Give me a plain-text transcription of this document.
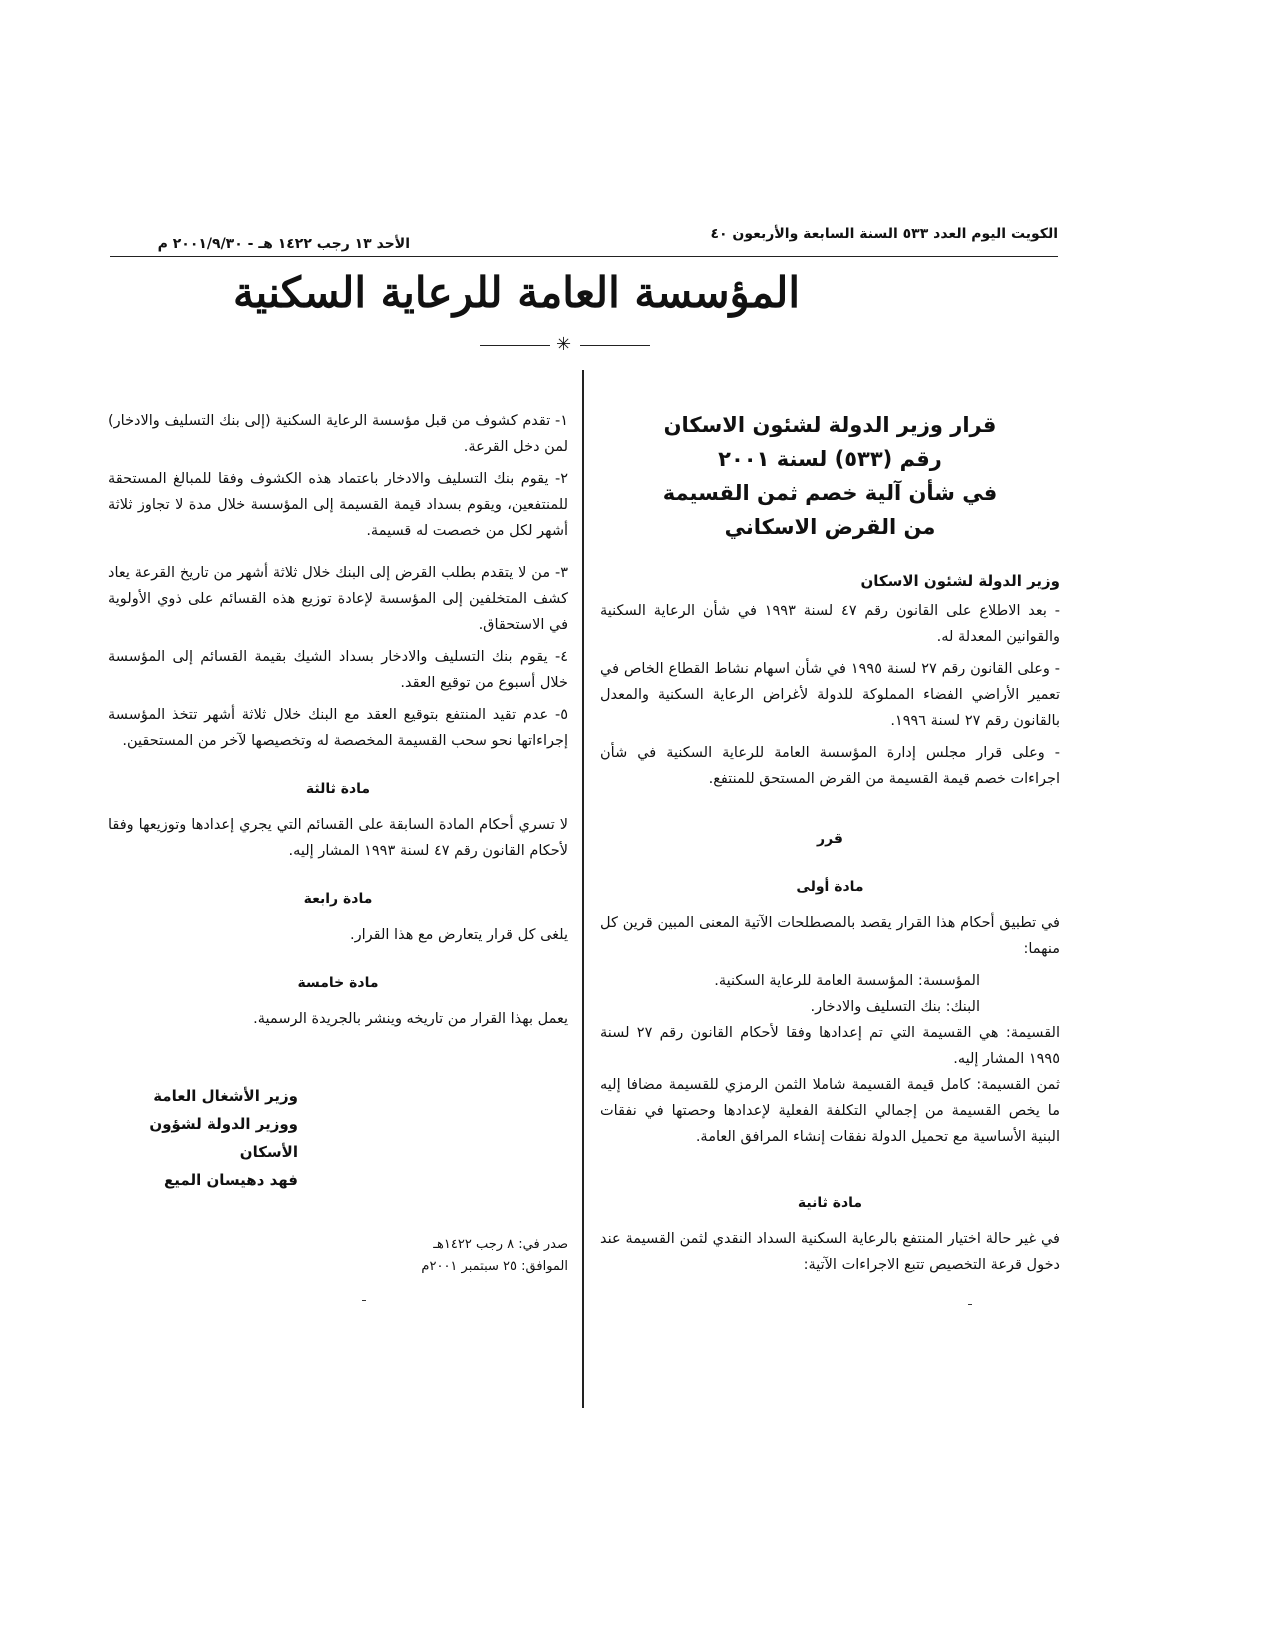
الكويت اليوم العدد ٥٣٣ السنة السابعة والأربعون ٤٠
الأحد ١٣ رجب ١٤٢٢ هـ - ٢٠٠١/٩/٣٠ م
المؤسسة العامة للرعاية السكنية
✳
قرار وزير الدولة لشئون الاسكان
رقم (٥٣٣) لسنة ٢٠٠١
في شأن آلية خصم ثمن القسيمة
من القرض الاسكاني
وزير الدولة لشئون الاسكان

- بعد الاطلاع على القانون رقم ٤٧ لسنة ١٩٩٣ في شأن الرعاية السكنية والقوانين المعدلة له.

- وعلى القانون رقم ٢٧ لسنة ١٩٩٥ في شأن اسهام نشاط القطاع الخاص في تعمير الأراضي الفضاء المملوكة للدولة لأغراض الرعاية السكنية والمعدل بالقانون رقم ٢٧ لسنة ١٩٩٦.

- وعلى قرار مجلس إدارة المؤسسة العامة للرعاية السكنية في شأن اجراءات خصم قيمة القسيمة من القرض المستحق للمنتفع.

قرر
مادة أولى

في تطبيق أحكام هذا القرار يقصد بالمصطلحات الآتية المعنى المبين قرين كل منهما:

المؤسسة: المؤسسة العامة للرعاية السكنية.

البنك: بنك التسليف والادخار.

القسيمة: هي القسيمة التي تم إعدادها وفقا لأحكام القانون رقم ٢٧ لسنة ١٩٩٥ المشار إليه.

ثمن القسيمة: كامل قيمة القسيمة شاملا الثمن الرمزي للقسيمة مضافا إليه ما يخص القسيمة من إجمالي التكلفة الفعلية لإعدادها وحصتها في نفقات البنية الأساسية مع تحميل الدولة نفقات إنشاء المرافق العامة.

مادة ثانية

في غير حالة اختيار المنتفع بالرعاية السكنية السداد النقدي لثمن القسيمة عند دخول قرعة التخصيص تتبع الاجراءات الآتية:

١- تقدم كشوف من قبل مؤسسة الرعاية السكنية (إلى بنك التسليف والادخار) لمن دخل القرعة.

٢- يقوم بنك التسليف والادخار باعتماد هذه الكشوف وفقا للمبالغ المستحقة للمنتفعين، ويقوم بسداد قيمة القسيمة إلى المؤسسة خلال مدة لا تجاوز ثلاثة أشهر لكل من خصصت له قسيمة.

٣- من لا يتقدم بطلب القرض إلى البنك خلال ثلاثة أشهر من تاريخ القرعة يعاد كشف المتخلفين إلى المؤسسة لإعادة توزيع هذه القسائم على ذوي الأولوية في الاستحقاق.

٤- يقوم بنك التسليف والادخار بسداد الشيك بقيمة القسائم إلى المؤسسة خلال أسبوع من توقيع العقد.

٥- عدم تقيد المنتفع بتوقيع العقد مع البنك خلال ثلاثة أشهر تتخذ المؤسسة إجراءاتها نحو سحب القسيمة المخصصة له وتخصيصها لآخر من المستحقين.

مادة ثالثة

لا تسري أحكام المادة السابقة على القسائم التي يجري إعدادها وتوزيعها وفقا لأحكام القانون رقم ٤٧ لسنة ١٩٩٣ المشار إليه.

مادة رابعة

يلغى كل قرار يتعارض مع هذا القرار.

مادة خامسة

يعمل بهذا القرار من تاريخه وينشر بالجريدة الرسمية.

وزير الأشغال العامة
ووزير الدولة لشؤون الأسكان
فهد دهيسان الميع
صدر في: ٨ رجب ١٤٢٢هـ
الموافق: ٢٥ سبتمبر ٢٠٠١م
